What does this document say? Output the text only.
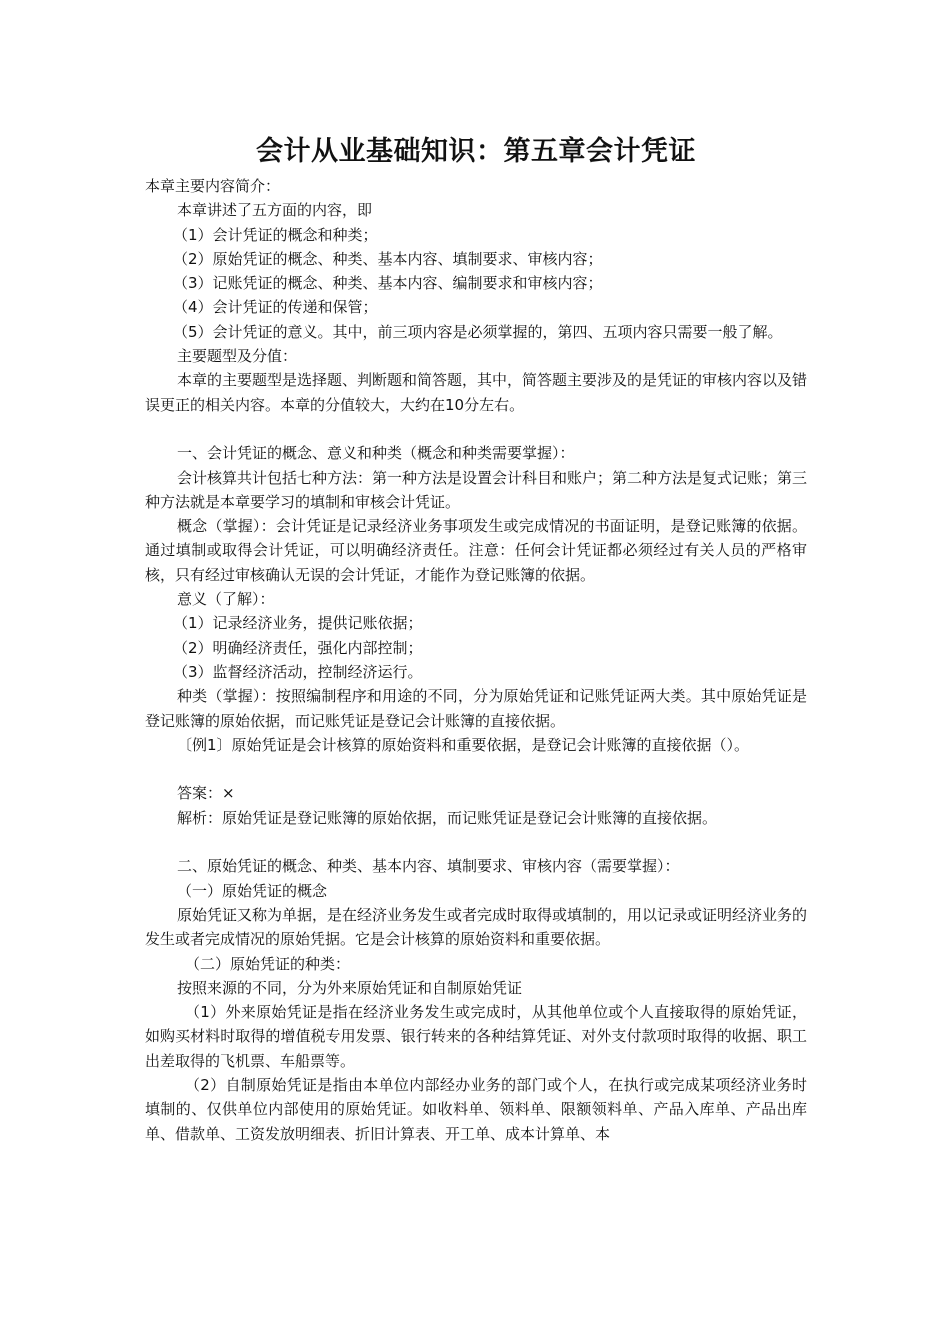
会计从业基础知识：第五章会计凭证

本章主要内容简介：

本章讲述了五方面的内容，即

（1）会计凭证的概念和种类；

（2）原始凭证的概念、种类、基本内容、填制要求、审核内容；

（3）记账凭证的概念、种类、基本内容、编制要求和审核内容；

（4）会计凭证的传递和保管；

（5）会计凭证的意义。其中，前三项内容是必须掌握的，第四、五项内容只需要一般了解。

主要题型及分值：

本章的主要题型是选择题、判断题和简答题，其中，简答题主要涉及的是凭证的审核内容以及错误更正的相关内容。本章的分值较大，大约在10分左右。

一、会计凭证的概念、意义和种类（概念和种类需要掌握）：

会计核算共计包括七种方法：第一种方法是设置会计科目和账户；第二种方法是复式记账；第三种方法就是本章要学习的填制和审核会计凭证。

概念（掌握）：会计凭证是记录经济业务事项发生或完成情况的书面证明，是登记账簿的依据。通过填制或取得会计凭证，可以明确经济责任。注意：任何会计凭证都必须经过有关人员的严格审核，只有经过审核确认无误的会计凭证，才能作为登记账簿的依据。

意义（了解）：

（1）记录经济业务，提供记账依据；

（2）明确经济责任，强化内部控制；

（3）监督经济活动，控制经济运行。

种类（掌握）：按照编制程序和用途的不同，分为原始凭证和记账凭证两大类。其中原始凭证是登记账簿的原始依据，而记账凭证是登记会计账簿的直接依据。

〔例1〕原始凭证是会计核算的原始资料和重要依据，是登记会计账簿的直接依据（）。

答案：×

解析：原始凭证是登记账簿的原始依据，而记账凭证是登记会计账簿的直接依据。

二、原始凭证的概念、种类、基本内容、填制要求、审核内容（需要掌握）：

（一）原始凭证的概念

原始凭证又称为单据，是在经济业务发生或者完成时取得或填制的，用以记录或证明经济业务的发生或者完成情况的原始凭据。它是会计核算的原始资料和重要依据。

（二）原始凭证的种类：

按照来源的不同，分为外来原始凭证和自制原始凭证

（1）外来原始凭证是指在经济业务发生或完成时，从其他单位或个人直接取得的原始凭证，如购买材料时取得的增值税专用发票、银行转来的各种结算凭证、对外支付款项时取得的收据、职工出差取得的飞机票、车船票等。

（2）自制原始凭证是指由本单位内部经办业务的部门或个人，在执行或完成某项经济业务时填制的、仅供单位内部使用的原始凭证。如收料单、领料单、限额领料单、产品入库单、产品出库单、借款单、工资发放明细表、折旧计算表、开工单、成本计算单、本
